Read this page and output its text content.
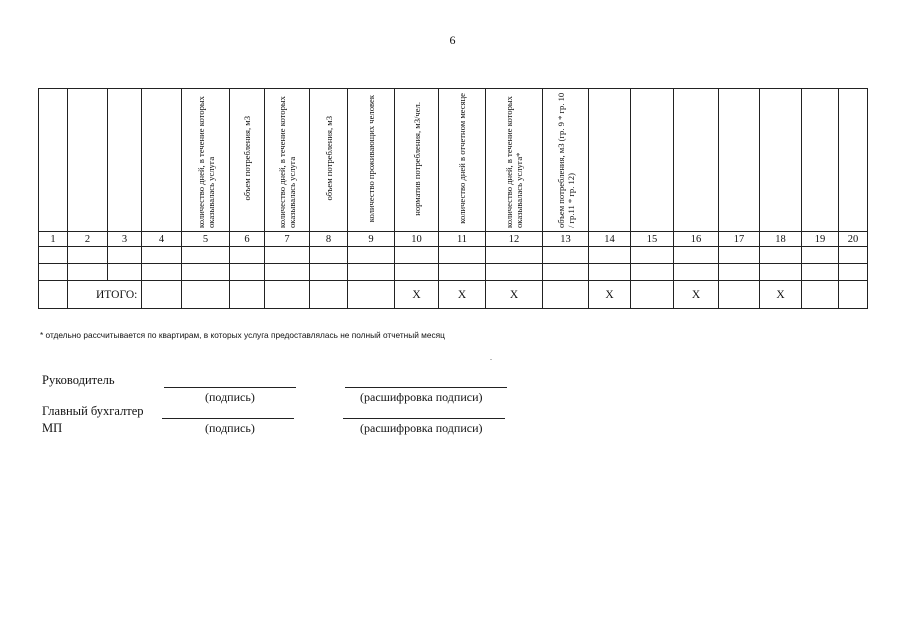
6
				количество дней, в течение которых оказывалась услуга	объем потребления, м3	количество дней, в течение которых оказывалась услуга	объем потребления, м3	количество проживающих человек	норматив потребления, м3/чел.	количество дней в отчетном месяце	количество дней, в течение которых оказывалась услуга*	объем потребления, м3 (гр. 9 * гр. 10 / гр.11 * гр. 12)							
1	2	3	4	5	6	7	8	9	10	11	12	13	14	15	16	17	18	19	20

	ИТОГО:								X	X	X		X		X		X		
* отдельно рассчитывается по квартирам, в которых услуга предоставлялась не полный отчетный месяц
Руководитель
(подпись)	(расшифровка подписи)
Главный бухгалтер
МП	(подпись)	(расшифровка подписи)
